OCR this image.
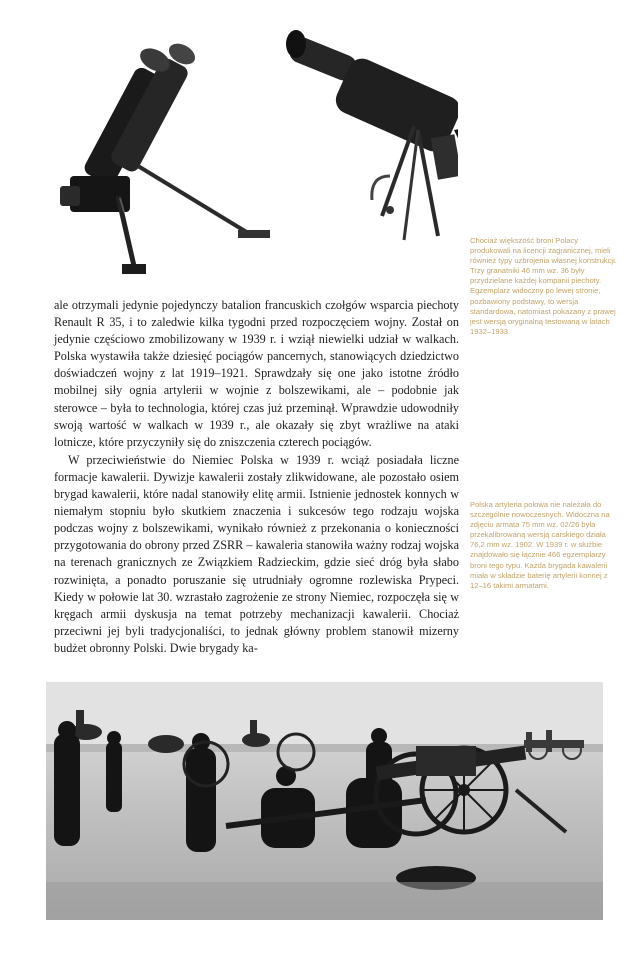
Chociaż większość broni Polacy produkowali na licencji zagranicznej, mieli również typy uzbrojenia własnej konstrukcji. Trzy granatniki 46 mm wz. 36 były przydzielane każdej kompanii piechoty. Egzemplarz widoczny po lewej stronie, pozbawiony podstawy, to wersja standardowa, natomiast pokazany z prawej jest wersją oryginalną testowaną w latach 1932–1933.

ale otrzymali jedynie pojedynczy batalion francuskich czołgów wsparcia piechoty Renault R 35, i to zaledwie kilka tygodni przed rozpoczęciem wojny. Został on jedynie częściowo zmobilizowany w 1939 r. i wziął niewielki udział w walkach. Polska wystawiła także dziesięć pociągów pancernych, stanowiących dziedzictwo doświadczeń wojny z lat 1919–1921. Sprawdzały się one jako istotne źródło mobilnej siły ognia artylerii w wojnie z bolszewikami, ale – podobnie jak sterowce – była to technologia, której czas już przeminął. Wprawdzie udowodniły swoją wartość w walkach w 1939 r., ale okazały się zbyt wrażliwe na ataki lotnicze, które przyczyniły się do zniszczenia czterech pociągów.

W przeciwieństwie do Niemiec Polska w 1939 r. wciąż posiadała liczne formacje kawalerii. Dywizje kawalerii zostały zlikwidowane, ale pozostało osiem brygad kawalerii, które nadal stanowiły elitę armii. Istnienie jednostek konnych w niemałym stopniu było skutkiem znaczenia i sukcesów tego rodzaju wojska podczas wojny z bolszewikami, wynikało również z przekonania o konieczności przygotowania do obrony przed ZSRR – kawaleria stanowiła ważny rodzaj wojska na terenach granicznych ze Związkiem Radzieckim, gdzie sieć dróg była słabo rozwinięta, a ponadto poruszanie się utrudniały ogromne rozlewiska Prypeci. Kiedy w połowie lat 30. wzrastało zagrożenie ze strony Niemiec, rozpoczęła się w kręgach armii dyskusja na temat potrzeby mechanizacji kawalerii. Chociaż przeciwni jej byli tradycjonaliści, to jednak główny problem stanowił mizerny budżet obronny Polski. Dwie brygady ka-

Polska artyleria polowa nie należała do szczególnie nowoczesnych. Widoczna na zdjęciu armata 75 mm wz. 02/26 była przekalibrowaną wersją carskiego działa 76,2 mm wz. 1902. W 1939 r. w służbie znajdowało się łącznie 466 egzemplarzy broni tego typu. Każda brygada kawalerii miała w składzie baterię artylerii konnej z 12–16 takimi armatami.
